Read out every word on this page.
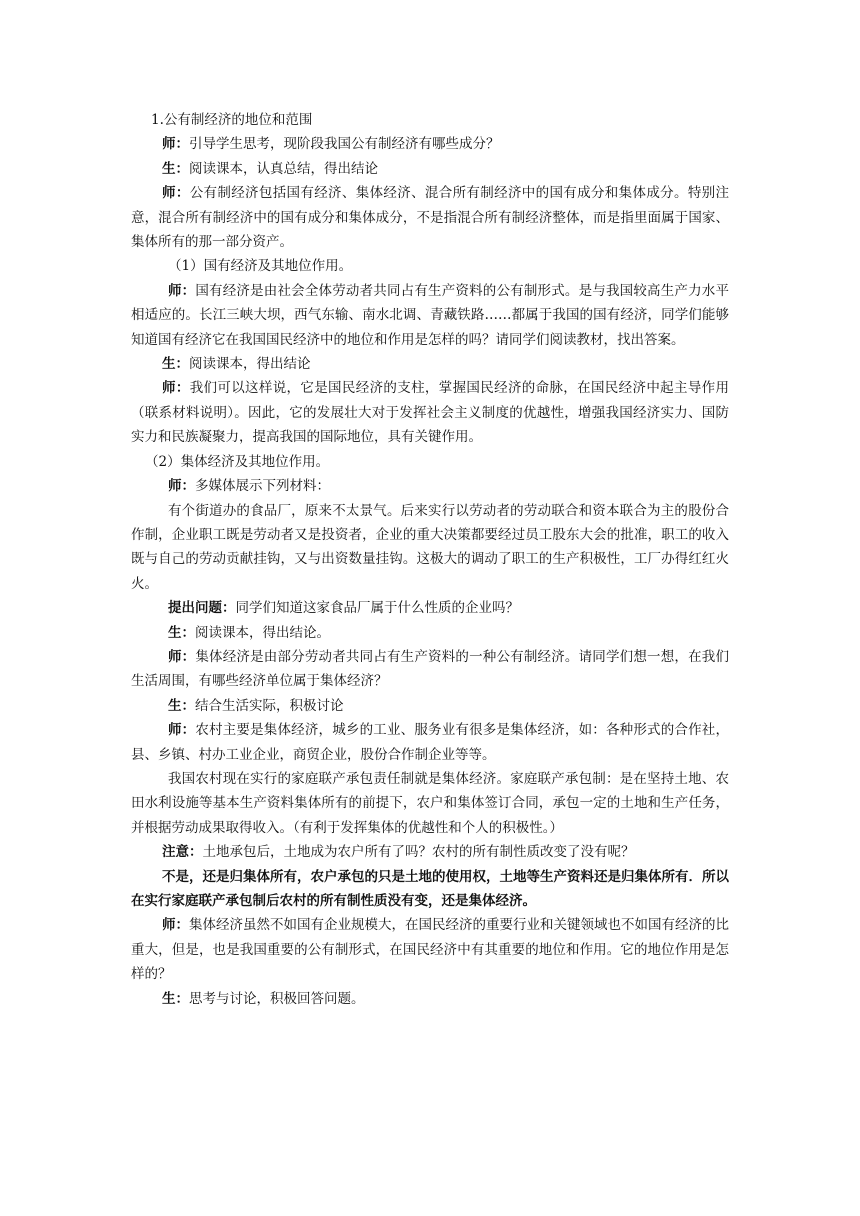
1.公有制经济的地位和范围

师：引导学生思考，现阶段我国公有制经济有哪些成分？

生：阅读课本，认真总结，得出结论

师：公有制经济包括国有经济、集体经济、混合所有制经济中的国有成分和集体成分。特别注意，混合所有制经济中的国有成分和集体成分，不是指混合所有制经济整体，而是指里面属于国家、集体所有的那一部分资产。

（1）国有经济及其地位作用。

师：国有经济是由社会全体劳动者共同占有生产资料的公有制形式。是与我国较高生产力水平相适应的。长江三峡大坝，西气东输、南水北调、青藏铁路……都属于我国的国有经济，同学们能够知道国有经济它在我国国民经济中的地位和作用是怎样的吗？请同学们阅读教材，找出答案。

生：阅读课本，得出结论

师：我们可以这样说，它是国民经济的支柱，掌握国民经济的命脉，在国民经济中起主导作用（联系材料说明）。因此，它的发展壮大对于发挥社会主义制度的优越性，增强我国经济实力、国防实力和民族凝聚力，提高我国的国际地位，具有关键作用。

（2）集体经济及其地位作用。

师：多媒体展示下列材料：

有个街道办的食品厂，原来不太景气。后来实行以劳动者的劳动联合和资本联合为主的股份合作制，企业职工既是劳动者又是投资者，企业的重大决策都要经过员工股东大会的批准，职工的收入既与自己的劳动贡献挂钩，又与出资数量挂钩。这极大的调动了职工的生产积极性，工厂办得红红火火。

提出问题：同学们知道这家食品厂属于什么性质的企业吗？

生：阅读课本，得出结论。

师：集体经济是由部分劳动者共同占有生产资料的一种公有制经济。请同学们想一想，在我们生活周围，有哪些经济单位属于集体经济？

生：结合生活实际，积极讨论

师：农村主要是集体经济，城乡的工业、服务业有很多是集体经济，如：各种形式的合作社，县、乡镇、村办工业企业，商贸企业，股份合作制企业等等。

我国农村现在实行的家庭联产承包责任制就是集体经济。家庭联产承包制：是在坚持土地、农田水利设施等基本生产资料集体所有的前提下，农户和集体签订合同，承包一定的土地和生产任务，并根据劳动成果取得收入。（有利于发挥集体的优越性和个人的积极性。）

注意：土地承包后，土地成为农户所有了吗？农村的所有制性质改变了没有呢？

不是，还是归集体所有，农户承包的只是土地的使用权，土地等生产资料还是归集体所有．所以在实行家庭联产承包制后农村的所有制性质没有变，还是集体经济。

师：集体经济虽然不如国有企业规模大，在国民经济的重要行业和关键领域也不如国有经济的比重大，但是，也是我国重要的公有制形式，在国民经济中有其重要的地位和作用。它的地位作用是怎样的？

生：思考与讨论，积极回答问题。
